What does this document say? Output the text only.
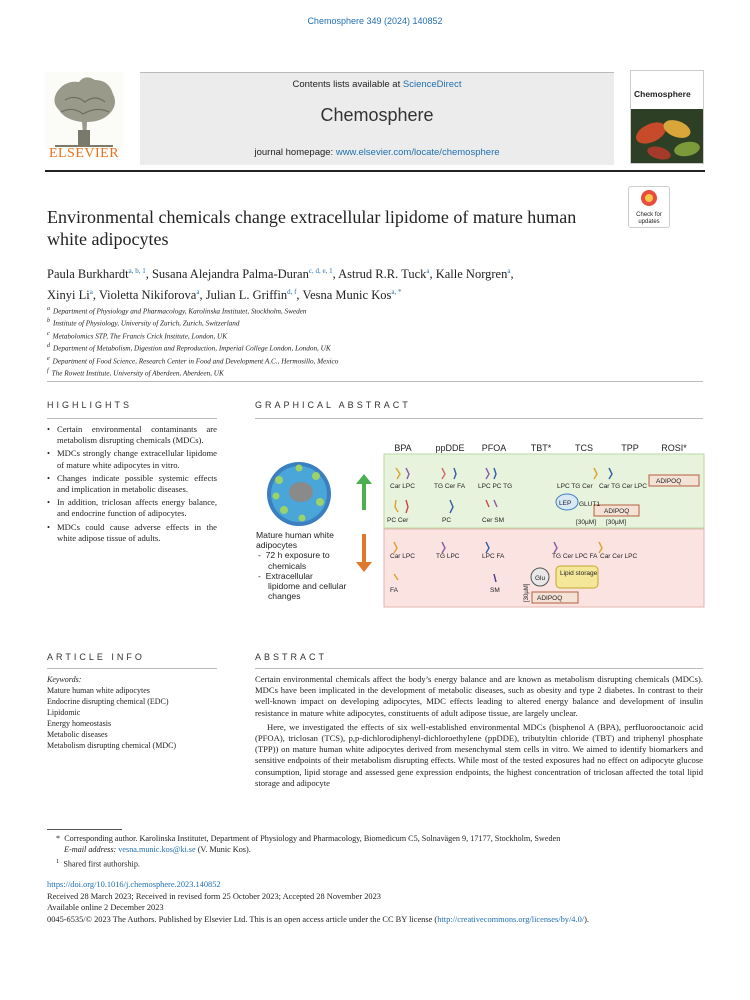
Chemosphere 349 (2024) 140852
ELSEVIER
Contents lists available at ScienceDirect
Chemosphere
journal homepage: www.elsevier.com/locate/chemosphere
Chemosphere
Check for
updates
Environmental chemicals change extracellular lipidome of mature human
white adipocytes
Paula Burkhardt$^{a, b, 1}$, Susana Alejandra Palma-Duran$^{c, d, e, 1}$, Astrud R.R. Tuck$^a$, Kalle Norgren$^a$,
Xinyi Li$^a$, Violetta Nikiforova$^a$, Julian L. Griffin$^{d, f}$, Vesna Munic Kos$^{a, *}$
$^a$ Department of Physiology and Pharmacology, Karolinska Institutet, Stockholm, Sweden
$^b$ Institute of Physiology, University of Zurich, Zurich, Switzerland
$^c$ Metabolomics STP, The Francis Crick Institute, London, UK
$^d$ Department of Metabolism, Digestion and Reproduction, Imperial College London, London, UK
$^e$ Department of Food Science, Research Center in Food and Development A.C., Hermosillo, Mexico
$^f$ The Rowett Institute, University of Aberdeen, Aberdeen, UK
HIGHLIGHTS
• Certain environmental contaminants are metabolism disrupting chemicals (MDCs).
• MDCs strongly change extracellular lipidome of mature white adipocytes in vitro.
• Changes indicate possible systemic effects and implication in metabolic diseases.
• In addition, triclosan affects energy balance, and endocrine function of adipocytes.
• MDCs could cause adverse effects in the white adipose tissue of adults.
GRAPHICAL ABSTRACT
BPA	ppDDE PFOA	TBT*	TCS	TPP ROSI*
Car LPC
PC Cer
TG Cer FA
PC
LPC PC TG
Cer SM
LPC TG Cer
LEP GLUT1
[30µM]
Car TG Cer LPC
ADIPOQ
[30µM]
ADIPOQ
Car LPC
FA
TG LPC	LPC FA
SM
TG Cer LPC FA
Glu
[30µM]
Lipid storage
ADIPOQ
Car Cer LPC
Mature human white
adipocytes
-  72 h exposure to
chemicals
-  Extracellular
lipidome and cellular
changes
ARTICLE INFO
Keywords:
Mature human white adipocytes
Endocrine disrupting chemical (EDC)
Lipidomic
Energy homeostasis
Metabolic diseases
Metabolism disrupting chemical (MDC)
ABSTRACT

Certain environmental chemicals affect the body’s energy balance and are known as metabolism disrupting chemicals (MDCs). MDCs have been implicated in the development of metabolic diseases, such as obesity and type 2 diabetes. In contrast to their well-known impact on developing adipocytes, MDC effects leading to altered energy balance and development of insulin resistance in mature white adipocytes, constituents of adult adipose tissue, are largely unclear.

Here, we investigated the effects of six well-established environmental MDCs (bisphenol A (BPA), perfluorooctanoic acid (PFOA), triclosan (TCS), p,p-dichlorodiphenyl-dichloroethylene (ppDDE), tributyltin chloride (TBT) and triphenyl phosphate (TPP)) on mature human white adipocytes derived from mesenchymal stem cells in vitro. We aimed to identify biomarkers and sensitive endpoints of their metabolism disrupting effects. While most of the tested exposures had no effect on adipocyte glucose consumption, lipid storage and assessed gene expression endpoints, the highest concentration of triclosan affected the total lipid storage and adipocyte

* Corresponding author. Karolinska Institutet, Department of Physiology and Pharmacology, Biomedicum C5, Solnavägen 9, 17177, Stockholm, Sweden
E-mail address: vesna.munic.kos@ki.se (V. Munic Kos).
$^1$ Shared first authorship.
https://doi.org/10.1016/j.chemosphere.2023.140852
Received 28 March 2023; Received in revised form 25 October 2023; Accepted 28 November 2023
Available online 2 December 2023
0045-6535/© 2023 The Authors. Published by Elsevier Ltd. This is an open access article under the CC BY license (http://creativecommons.org/licenses/by/4.0/).
